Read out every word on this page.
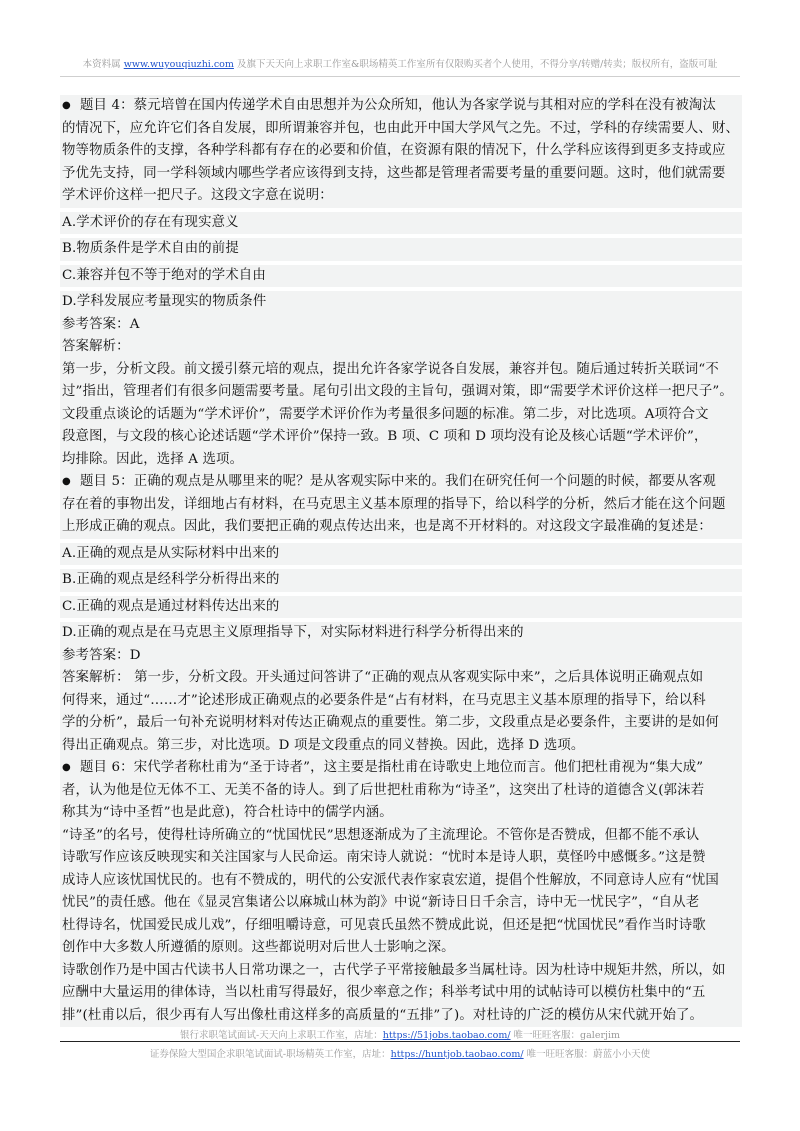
本资料属 www.wuyouqiuzhi.com 及旗下天天向上求职工作室&职场精英工作室所有仅限购买者个人使用，不得分享/转赠/转卖；版权所有，盗版可耻
● 题目 4：蔡元培曾在国内传递学术自由思想并为公众所知，他认为各家学说与其相对应的学科在没有被淘汰
的情况下，应允许它们各自发展，即所谓兼容并包，也由此开中国大学风气之先。不过，学科的存续需要人、财、
物等物质条件的支撑，各种学科都有存在的必要和价值，在资源有限的情况下，什么学科应该得到更多支持或应
予优先支持，同一学科领域内哪些学者应该得到支持，这些都是管理者需要考量的重要问题。这时，他们就需要
学术评价这样一把尺子。这段文字意在说明：
A.学术评价的存在有现实意义
B.物质条件是学术自由的前提
C.兼容并包不等于绝对的学术自由
D.学科发展应考量现实的物质条件
参考答案：A
答案解析：
第一步，分析文段。前文援引蔡元培的观点，提出允许各家学说各自发展，兼容并包。随后通过转折关联词“不
过”指出，管理者们有很多问题需要考量。尾句引出文段的主旨句，强调对策，即“需要学术评价这样一把尺子”。
文段重点谈论的话题为“学术评价”，需要学术评价作为考量很多问题的标准。第二步，对比选项。A项符合文
段意图，与文段的核心论述话题“学术评价”保持一致。B 项、C 项和 D 项均没有论及核心话题“学术评价”，
均排除。因此，选择 A 选项。
● 题目 5：正确的观点是从哪里来的呢？是从客观实际中来的。我们在研究任何一个问题的时候，都要从客观
存在着的事物出发，详细地占有材料，在马克思主义基本原理的指导下，给以科学的分析，然后才能在这个问题
上形成正确的观点。因此，我们要把正确的观点传达出来，也是离不开材料的。对这段文字最准确的复述是：
A.正确的观点是从实际材料中出来的
B.正确的观点是经科学分析得出来的
C.正确的观点是通过材料传达出来的
D.正确的观点是在马克思主义原理指导下，对实际材料进行科学分析得出来的
参考答案：D
答案解析： 第一步，分析文段。开头通过问答讲了“正确的观点从客观实际中来”，之后具体说明正确观点如
何得来，通过“……才”论述形成正确观点的必要条件是“占有材料，在马克思主义基本原理的指导下，给以科
学的分析”，最后一句补充说明材料对传达正确观点的重要性。第二步，文段重点是必要条件，主要讲的是如何
得出正确观点。第三步，对比选项。D 项是文段重点的同义替换。因此，选择 D 选项。
● 题目 6：宋代学者称杜甫为“圣于诗者”，这主要是指杜甫在诗歌史上地位而言。他们把杜甫视为“集大成”
者，认为他是位无体不工、无美不备的诗人。到了后世把杜甫称为“诗圣”，这突出了杜诗的道德含义(郭沫若
称其为“诗中圣哲”也是此意)，符合杜诗中的儒学内涵。
“诗圣”的名号，使得杜诗所确立的“忧国忧民”思想逐渐成为了主流理论。不管你是否赞成，但都不能不承认
诗歌写作应该反映现实和关注国家与人民命运。南宋诗人就说：“忧时本是诗人职，莫怪吟中感慨多。”这是赞
成诗人应该忧国忧民的。也有不赞成的，明代的公安派代表作家袁宏道，提倡个性解放，不同意诗人应有“忧国
忧民”的责任感。他在《显灵宫集诸公以麻城山林为韵》中说“新诗日日千余言，诗中无一忧民字”，“自从老
杜得诗名，忧国爱民成儿戏”，仔细咀嚼诗意，可见袁氏虽然不赞成此说，但还是把“忧国忧民”看作当时诗歌
创作中大多数人所遵循的原则。这些都说明对后世人士影响之深。
诗歌创作乃是中国古代读书人日常功课之一，古代学子平常接触最多当属杜诗。因为杜诗中规矩井然，所以，如
应酬中大量运用的律体诗，当以杜甫写得最好，很少率意之作；科举考试中用的试帖诗可以模仿杜集中的“五
排”(杜甫以后，很少再有人写出像杜甫这样多的高质量的“五排”了)。对杜诗的广泛的模仿从宋代就开始了。
银行求职笔试面试-天天向上求职工作室，店址：https://51jobs.taobao.com/ 唯一旺旺客服：galerjim
证券保险大型国企求职笔试面试-职场精英工作室，店址：https://huntjob.taobao.com/ 唯一旺旺客服：蔚蓝小小天使
